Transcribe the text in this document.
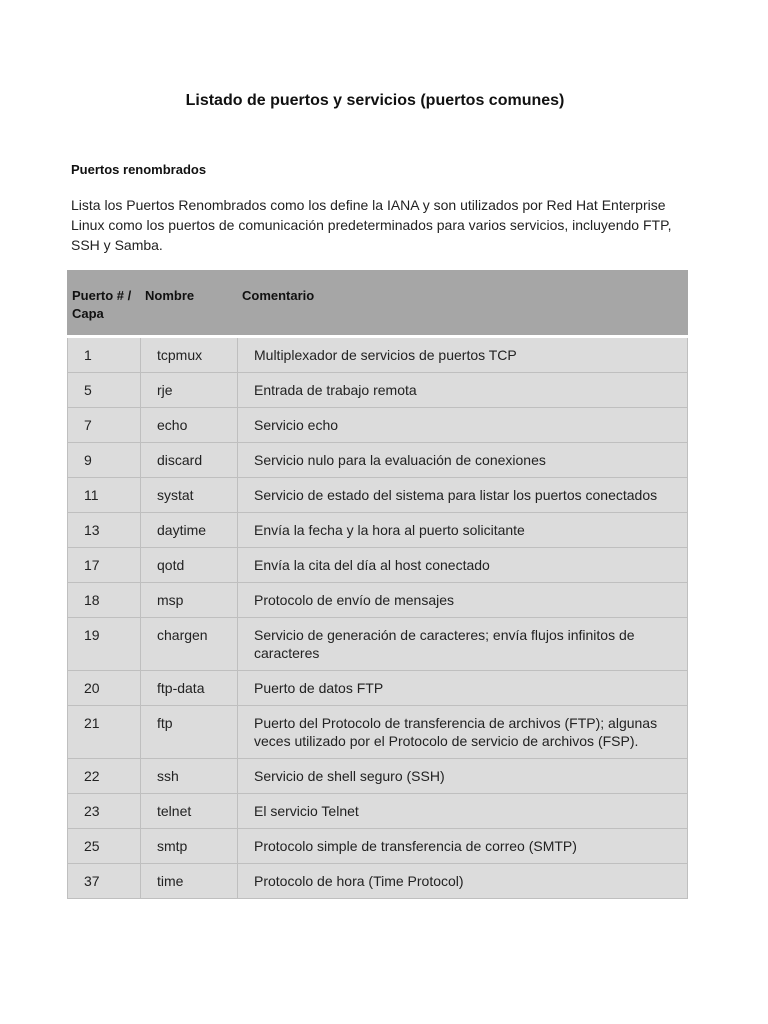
Listado de puertos y servicios (puertos comunes)
Puertos renombrados

Lista los Puertos Renombrados como los define la IANA y son utilizados por Red Hat Enterprise Linux como los puertos de comunicación predeterminados para varios servicios, incluyendo FTP, SSH y Samba.

Puerto # / Capa	Nombre	Comentario
1	tcpmux	Multiplexador de servicios de puertos TCP
5	rje	Entrada de trabajo remota
7	echo	Servicio echo
9	discard	Servicio nulo para la evaluación de conexiones
11	systat	Servicio de estado del sistema para listar los puertos conectados
13	daytime	Envía la fecha y la hora al puerto solicitante
17	qotd	Envía la cita del día al host conectado
18	msp	Protocolo de envío de mensajes
19	chargen	Servicio de generación de caracteres; envía flujos infinitos de caracteres
20	ftp-data	Puerto de datos FTP
21	ftp	Puerto del Protocolo de transferencia de archivos (FTP); algunas veces utilizado por el Protocolo de servicio de archivos (FSP).
22	ssh	Servicio de shell seguro (SSH)
23	telnet	El servicio Telnet
25	smtp	Protocolo simple de transferencia de correo (SMTP)
37	time	Protocolo de hora (Time Protocol)
